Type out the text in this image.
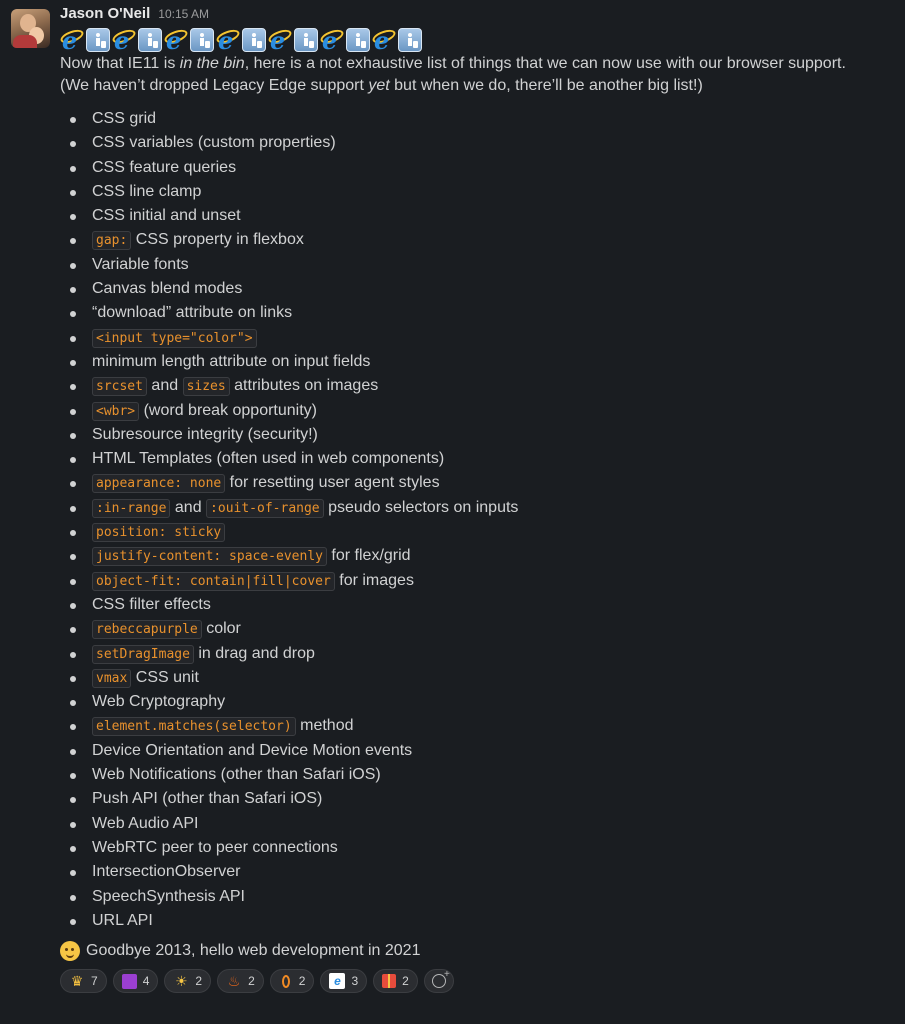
Jason O'Neil 10:15 AM
e e e e e e e

Now that IE11 is in the bin, here is a not exhaustive list of things that we can now use with our browser support.

(We haven’t dropped Legacy Edge support yet but when we do, there’ll be another big list!)

CSS grid
CSS variables (custom properties)
CSS feature queries
CSS line clamp
CSS initial and unset
gap: CSS property in flexbox
Variable fonts
Canvas blend modes
“download” attribute on links
<input type="color">
minimum length attribute on input fields
srcset and sizes attributes on images
<wbr> (word break opportunity)
Subresource integrity (security!)
HTML Templates (often used in web components)
appearance: none for resetting user agent styles
:in-range and :ouit-of-range pseudo selectors on inputs
position: sticky
justify-content: space-evenly for flex/grid
object-fit: contain|fill|cover for images
CSS filter effects
rebeccapurple color
setDragImage in drag and drop
vmax CSS unit
Web Cryptography
element.matches(selector) method
Device Orientation and Device Motion events
Web Notifications (other than Safari iOS)
Push API (other than Safari iOS)
Web Audio API
WebRTC peer to peer connections
IntersectionObserver
SpeechSynthesis API
URL API
Goodbye 2013, hello web development in 2021
♛ 7	4 ☀ 2 ♨ 2	2	e 3	2	+
